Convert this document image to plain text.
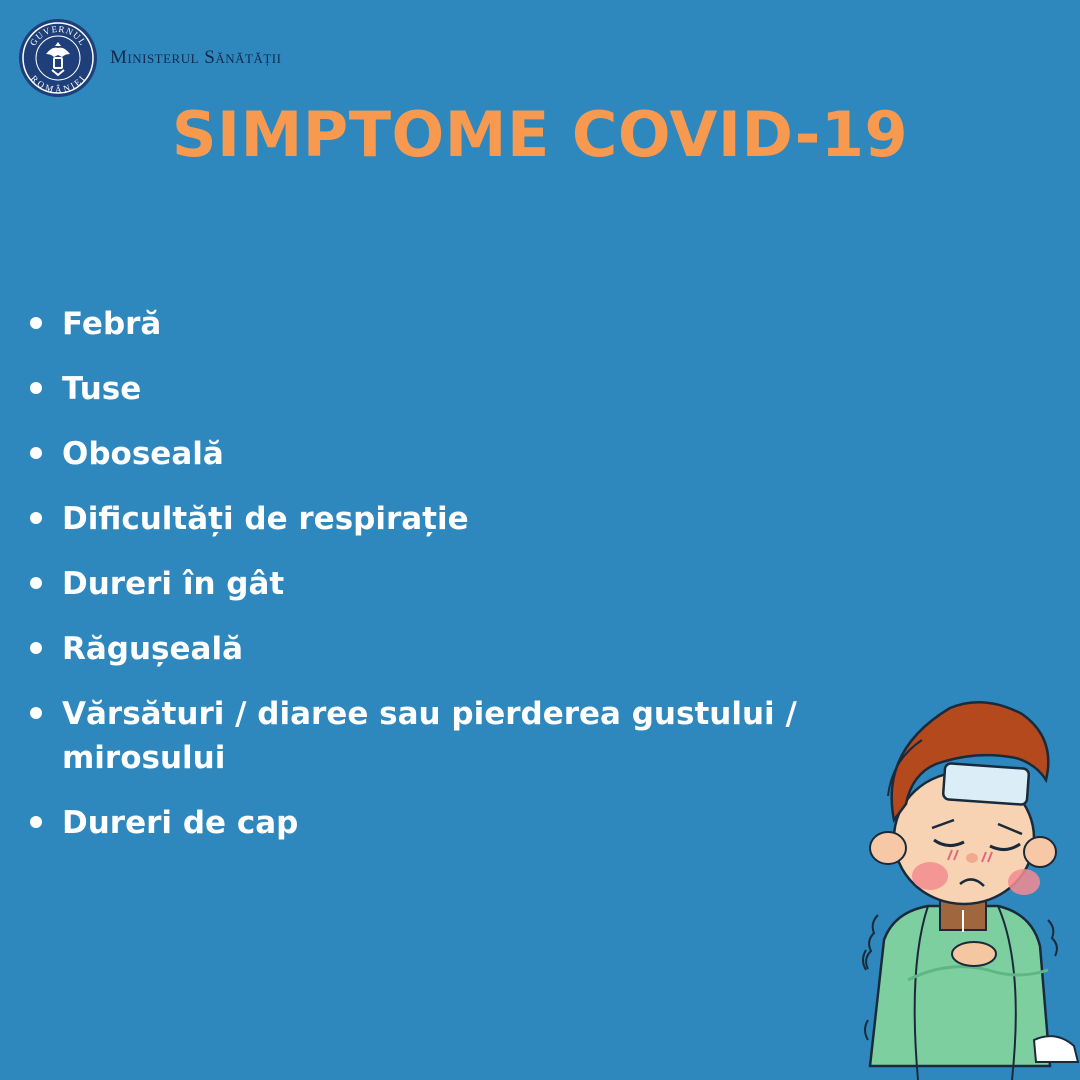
GUVERNUL
ROMÂNIEI
Ministerul Sănătății
SIMPTOME COVID-19
Febră
Tuse
Oboseală
Dificultăți de respirație
Dureri în gât
Răgușeală
Vărsături / diaree sau pierderea gustului / mirosului
Dureri de cap
